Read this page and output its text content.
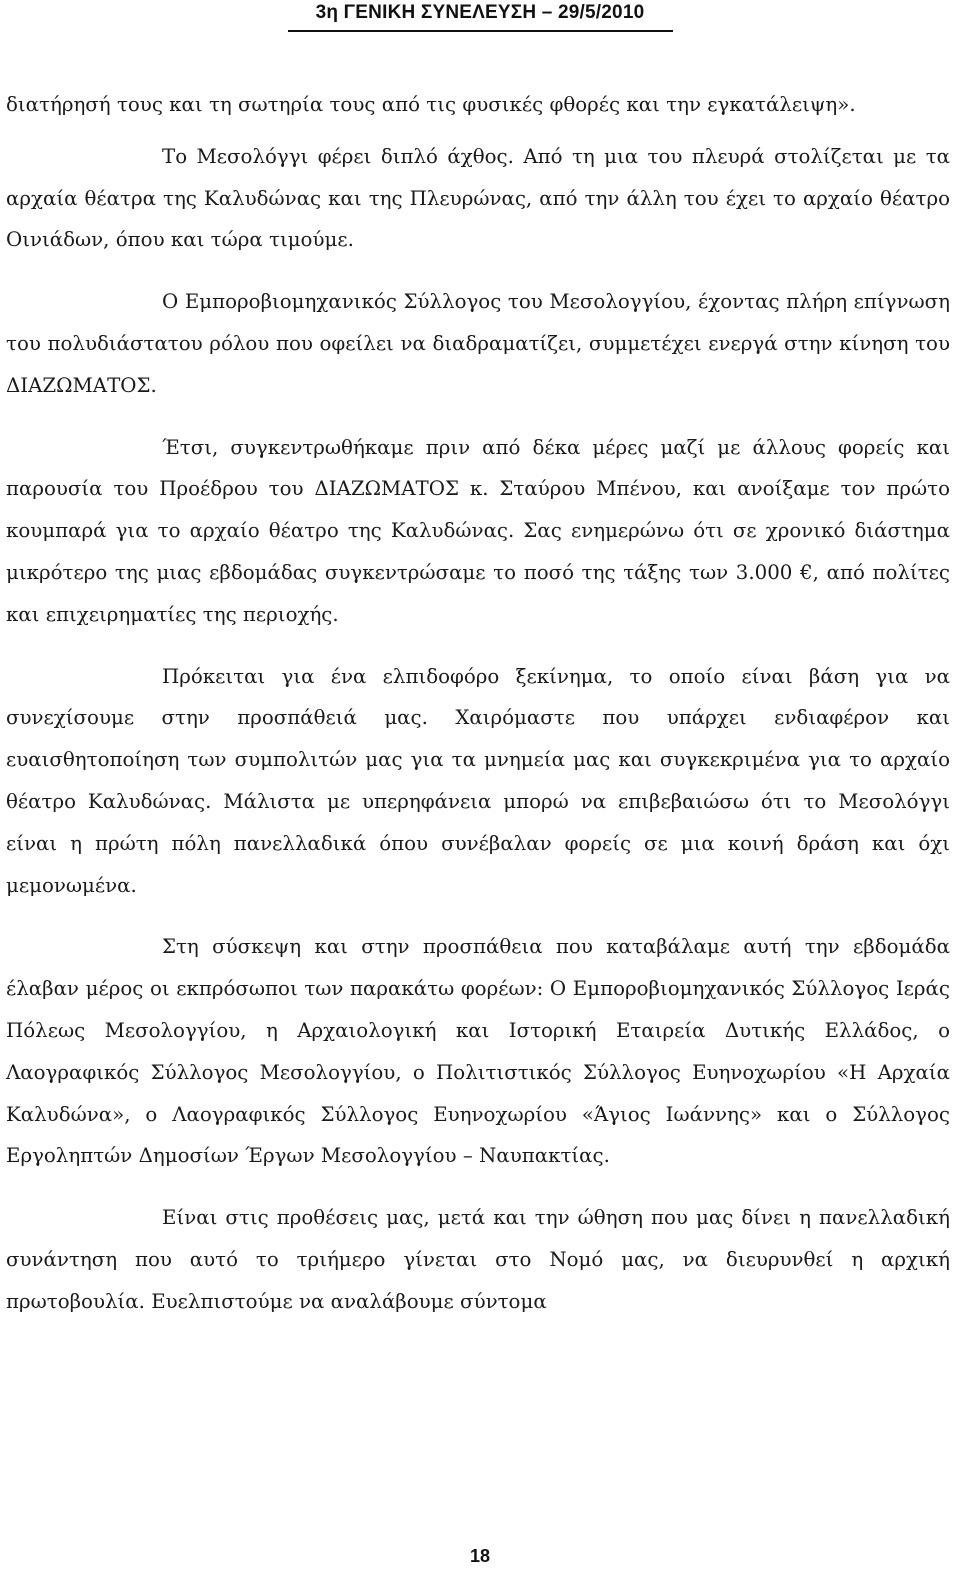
3η ΓΕΝΙΚΗ ΣΥΝΕΛΕΥΣΗ – 29/5/2010

διατήρησή τους και τη σωτηρία τους από τις φυσικές φθορές και την εγκατάλειψη».

Το Μεσολόγγι φέρει διπλό άχθος. Από τη μια του πλευρά στολίζεται με τα αρχαία θέατρα της Καλυδώνας και της Πλευρώνας, από την άλλη του έχει το αρχαίο θέατρο Οινιάδων, όπου και τώρα τιμούμε.

Ο Εμποροβιομηχανικός Σύλλογος του Μεσολογγίου, έχοντας πλήρη επίγνωση του πολυδιάστατου ρόλου που οφείλει να διαδραματίζει, συμμετέχει ενεργά στην κίνηση του ΔΙΑΖΩΜΑΤΟΣ.

Έτσι, συγκεντρωθήκαμε πριν από δέκα μέρες μαζί με άλλους φορείς και παρουσία του Προέδρου του ΔΙΑΖΩΜΑΤΟΣ κ. Σταύρου Μπένου, και ανοίξαμε τον πρώτο κουμπαρά για το αρχαίο θέατρο της Καλυδώνας. Σας ενημερώνω ότι σε χρονικό διάστημα μικρότερο της μιας εβδομάδας συγκεντρώσαμε το ποσό της τάξης των 3.000 €, από πολίτες και επιχειρηματίες της περιοχής.

Πρόκειται για ένα ελπιδοφόρο ξεκίνημα, το οποίο είναι βάση για να συνεχίσουμε στην προσπάθειά μας. Χαιρόμαστε που υπάρχει ενδιαφέρον και ευαισθητοποίηση των συμπολιτών μας για τα μνημεία μας και συγκεκριμένα για το αρχαίο θέατρο Καλυδώνας. Μάλιστα με υπερηφάνεια μπορώ να επιβεβαιώσω ότι το Μεσολόγγι είναι η πρώτη πόλη πανελλαδικά όπου συνέβαλαν φορείς σε μια κοινή δράση και όχι μεμονωμένα.

Στη σύσκεψη και στην προσπάθεια που καταβάλαμε αυτή την εβδομάδα έλαβαν μέρος οι εκπρόσωποι των παρακάτω φορέων: Ο Εμποροβιομηχανικός Σύλλογος Ιεράς Πόλεως Μεσολογγίου, η Αρχαιολογική και Ιστορική Εταιρεία Δυτικής Ελλάδος, ο Λαογραφικός Σύλλογος Μεσολογγίου, ο Πολιτιστικός Σύλλογος Ευηνοχωρίου «Η Αρχαία Καλυδώνα», ο Λαογραφικός Σύλλογος Ευηνοχωρίου «Άγιος Ιωάννης» και ο Σύλλογος Εργοληπτών Δημοσίων Έργων Μεσολογγίου – Ναυπακτίας.

Είναι στις προθέσεις μας, μετά και την ώθηση που μας δίνει η πανελλαδική συνάντηση που αυτό το τριήμερο γίνεται στο Νομό μας, να διευρυνθεί η αρχική πρωτοβουλία. Ευελπιστούμε να αναλάβουμε σύντομα

18
